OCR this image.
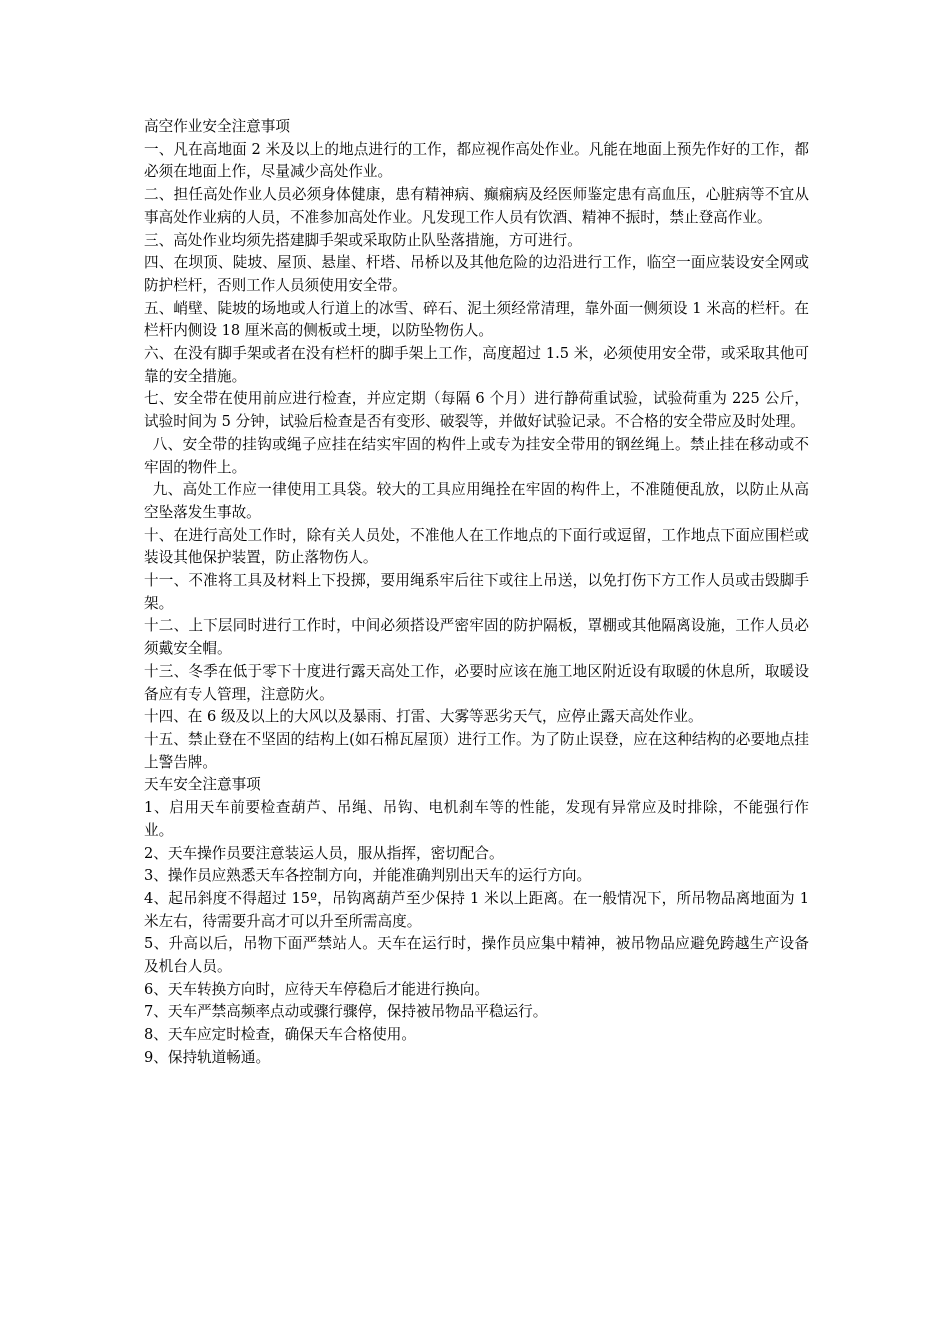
高空作业安全注意事项

一、凡在高地面 2 米及以上的地点进行的工作，都应视作高处作业。凡能在地面上预先作好的工作，都必须在地面上作，尽量减少高处作业。

二、担任高处作业人员必须身体健康，患有精神病、癫痫病及经医师鉴定患有高血压，心脏病等不宜从事高处作业病的人员，不准参加高处作业。凡发现工作人员有饮酒、精神不振时，禁止登高作业。

三、高处作业均须先搭建脚手架或采取防止队坠落措施，方可进行。

四、在坝顶、陡坡、屋顶、悬崖、杆塔、吊桥以及其他危险的边沿进行工作，临空一面应装设安全网或防护栏杆，否则工作人员须使用安全带。

五、峭壁、陡坡的场地或人行道上的冰雪、碎石、泥土须经常清理，靠外面一侧须设 1 米高的栏杆。在栏杆内侧设 18 厘米高的侧板或土埂，以防坠物伤人。

六、在没有脚手架或者在没有栏杆的脚手架上工作，高度超过 1.5 米，必须使用安全带，或采取其他可靠的安全措施。

七、安全带在使用前应进行检查，并应定期（每隔 6 个月）进行静荷重试验，试验荷重为 225 公斤，试验时间为 5 分钟，试验后检查是否有变形、破裂等，并做好试验记录。不合格的安全带应及时处理。

八、安全带的挂钩或绳子应挂在结实牢固的构件上或专为挂安全带用的钢丝绳上。禁止挂在移动或不牢固的物件上。

九、高处工作应一律使用工具袋。较大的工具应用绳拴在牢固的构件上，不准随便乱放，以防止从高空坠落发生事故。

十、在进行高处工作时，除有关人员处，不准他人在工作地点的下面行或逗留，工作地点下面应围栏或装设其他保护装置，防止落物伤人。

十一、不准将工具及材料上下投掷，要用绳系牢后往下或往上吊送，以免打伤下方工作人员或击毁脚手架。

十二、上下层同时进行工作时，中间必须搭设严密牢固的防护隔板，罩棚或其他隔离设施，工作人员必须戴安全帽。

十三、冬季在低于零下十度进行露天高处工作，必要时应该在施工地区附近设有取暖的休息所，取暖设备应有专人管理，注意防火。

十四、在 6 级及以上的大风以及暴雨、打雷、大雾等恶劣天气，应停止露天高处作业。

十五、禁止登在不坚固的结构上(如石棉瓦屋顶）进行工作。为了防止误登，应在这种结构的必要地点挂上警告牌。

天车安全注意事项

1、启用天车前要检查葫芦、吊绳、吊钩、电机刹车等的性能，发现有异常应及时排除，不能强行作业。

2、天车操作员要注意装运人员，服从指挥，密切配合。

3、操作员应熟悉天车各控制方向，并能准确判别出天车的运行方向。

4、起吊斜度不得超过 15º，吊钩离葫芦至少保持 1 米以上距离。在一般情况下，所吊物品离地面为 1 米左右，待需要升高才可以升至所需高度。

5、升高以后，吊物下面严禁站人。天车在运行时，操作员应集中精神，被吊物品应避免跨越生产设备及机台人员。

6、天车转换方向时，应待天车停稳后才能进行换向。

7、天车严禁高频率点动或骤行骤停，保持被吊物品平稳运行。

8、天车应定时检查，确保天车合格使用。

9、保持轨道畅通。
